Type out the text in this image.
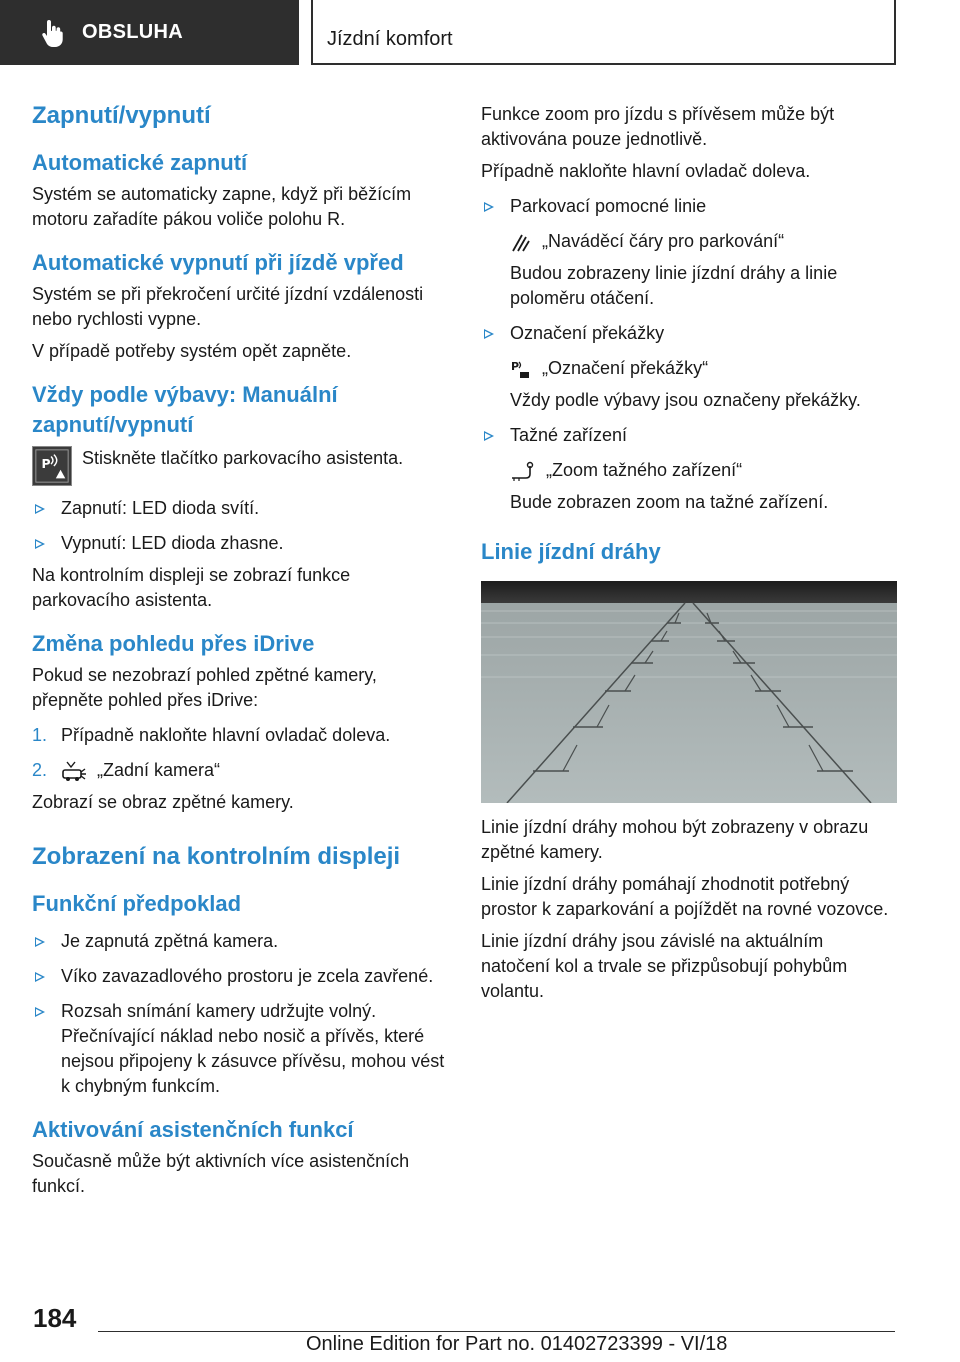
OBSLUHA	Jízdní komfort
Zapnutí/vypnutí
Automatické zapnutí
Systém se automaticky zapne, když při běžícím motoru zařadíte pákou voliče polohu R.
Automatické vypnutí při jízdě vpřed
Systém se při překročení určité jízdní vzdálenosti nebo rychlosti vypne.
V případě potřeby systém opět zapněte.
Vždy podle výbavy: Manuální zapnutí/vypnutí
P Stiskněte tlačítko parkovacího asistenta.
Zapnutí: LED dioda svítí.
Vypnutí: LED dioda zhasne.
Na kontrolním displeji se zobrazí funkce parkovacího asistenta.
Změna pohledu přes iDrive
Pokud se nezobrazí pohled zpětné kamery, přepněte pohled přes iDrive:
1. Případně nakloňte hlavní ovladač doleva.
2.	„Zadní kamera“
Zobrazí se obraz zpětné kamery.
Zobrazení na kontrolním displeji
Funkční předpoklad
Je zapnutá zpětná kamera.
Víko zavazadlového prostoru je zcela zavřené.
Rozsah snímání kamery udržujte volný. Přečnívající náklad nebo nosič a přívěs, které nejsou připojeny k zásuvce přívěsu, mohou vést k chybným funkcím.
Aktivování asistenčních funkcí
Současně může být aktivních více asistenčních funkcí.
Funkce zoom pro jízdu s přívěsem může být aktivována pouze jednotlivě.
Případně nakloňte hlavní ovladač doleva.
Parkovací pomocné linie
„Naváděcí čáry pro parkování“
Budou zobrazeny linie jízdní dráhy a linie poloměru otáčení.
Označení překážky
P „Označení překážky“
Vždy podle výbavy jsou označeny překážky.
Tažné zařízení
„Zoom tažného zařízení“
Bude zobrazen zoom na tažné zařízení.
Linie jízdní dráhy
Linie jízdní dráhy mohou být zobrazeny v obrazu zpětné kamery.
Linie jízdní dráhy pomáhají zhodnotit potřebný prostor k zaparkování a pojíždět na rovné vozovce.
Linie jízdní dráhy jsou závislé na aktuálním natočení kol a trvale se přizpůsobují pohybům volantu.
184
Online Edition for Part no. 01402723399 - VI/18
